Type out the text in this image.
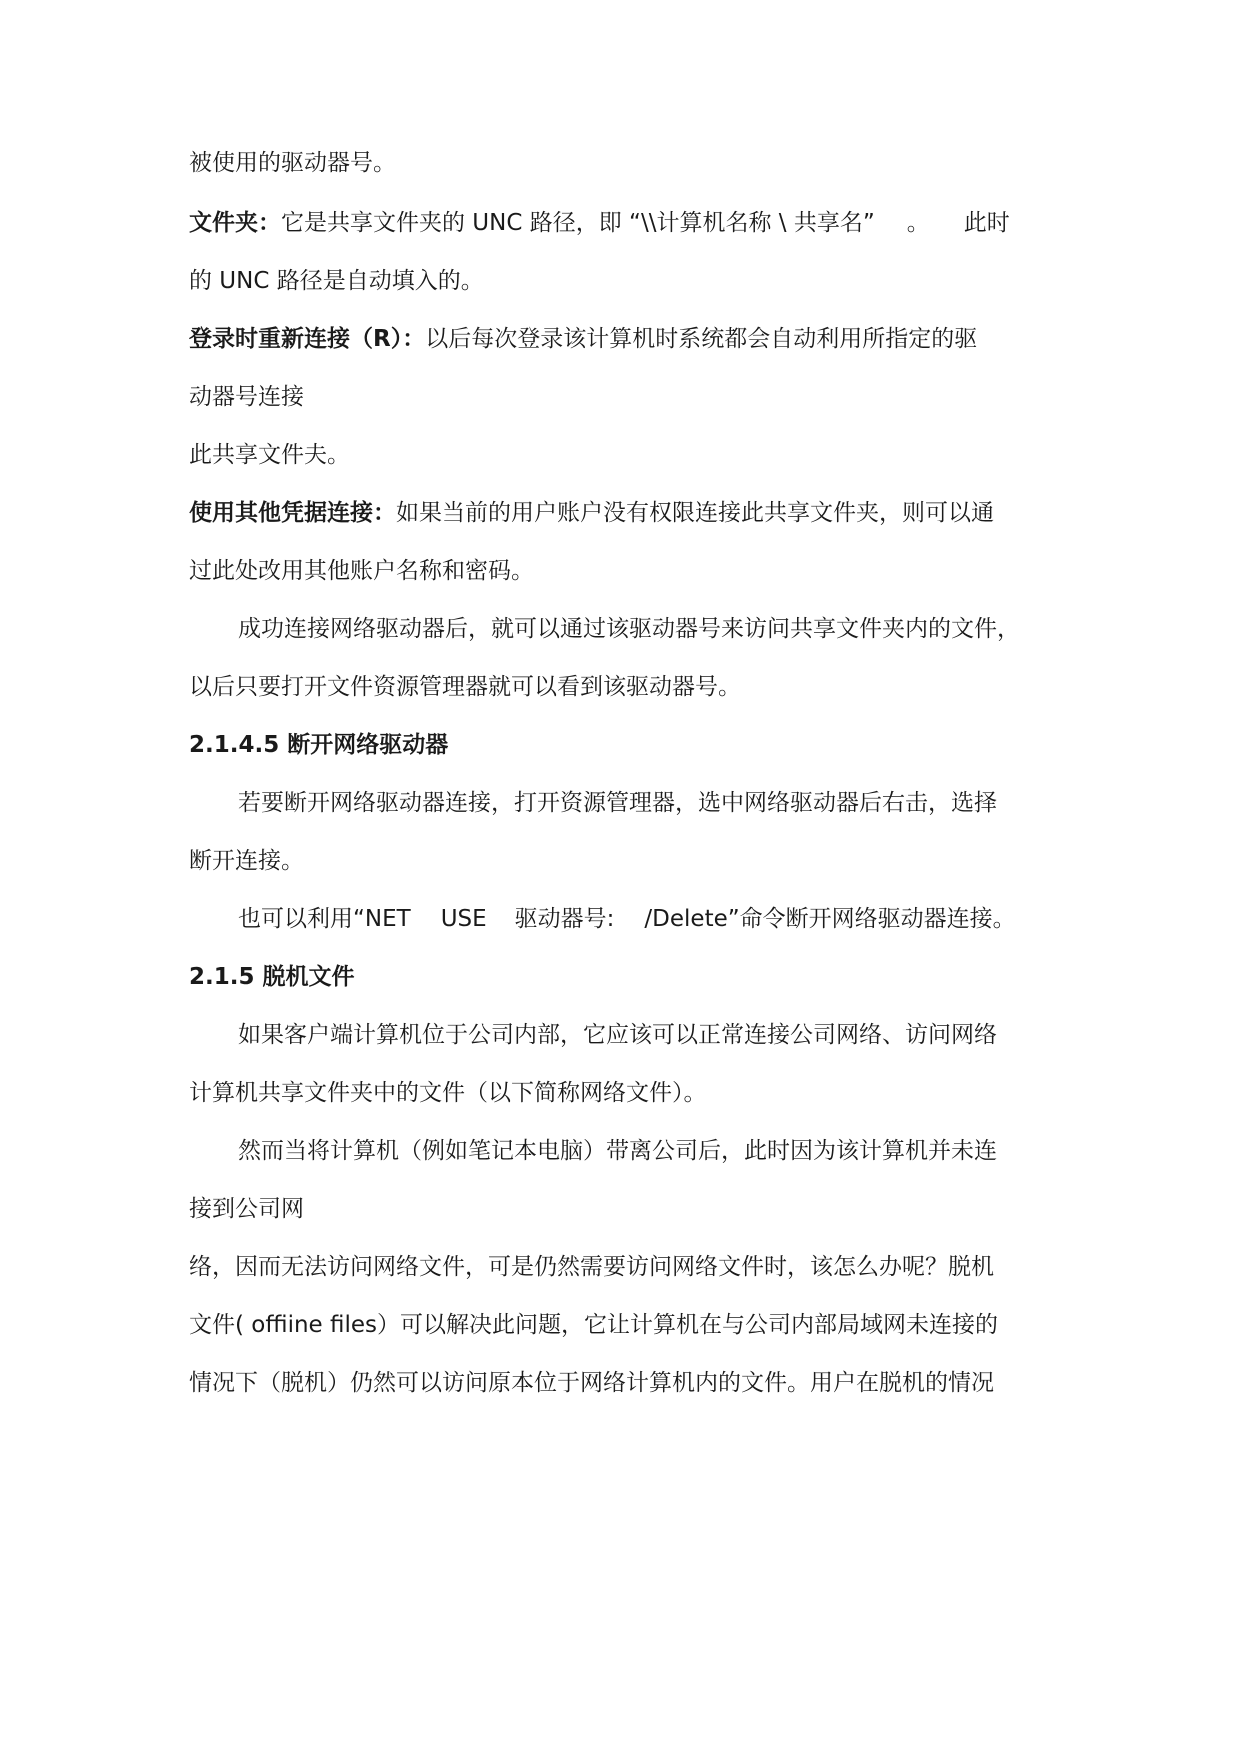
被使用的驱动器号。
文件夹：它是共享文件夹的 UNC 路径，即 “\\计算机名称 \ 共享名” 。 此时
的 UNC 路径是自动填入的。
登录时重新连接（R）：以后每次登录该计算机时系统都会自动利用所指定的驱
动器号连接
此共享文件夫。
使用其他凭据连接：如果当前的用户账户没有权限连接此共享文件夹，则可以通
过此处改用其他账户名称和密码。
成功连接网络驱动器后，就可以通过该驱动器号来访问共享文件夹内的文件，
以后只要打开文件资源管理器就可以看到该驱动器号。
2.1.4.5 断开网络驱动器
若要断开网络驱动器连接，打开资源管理器，选中网络驱动器后右击，选择
断开连接。
也可以利用“NET USE 驱动器号: /Delete”命令断开网络驱动器连接。
2.1.5 脱机文件
如果客户端计算机位于公司内部，它应该可以正常连接公司网络、访问网络
计算机共享文件夹中的文件（以下简称网络文件）。
然而当将计算机（例如笔记本电脑）带离公司后，此时因为该计算机并未连
接到公司网
络，因而无法访问网络文件，可是仍然需要访问网络文件时，该怎么办呢？脱机
文件( offiine files）可以解决此问题，它让计算机在与公司内部局域网未连接的
情况下（脱机）仍然可以访问原本位于网络计算机内的文件。用户在脱机的情况
